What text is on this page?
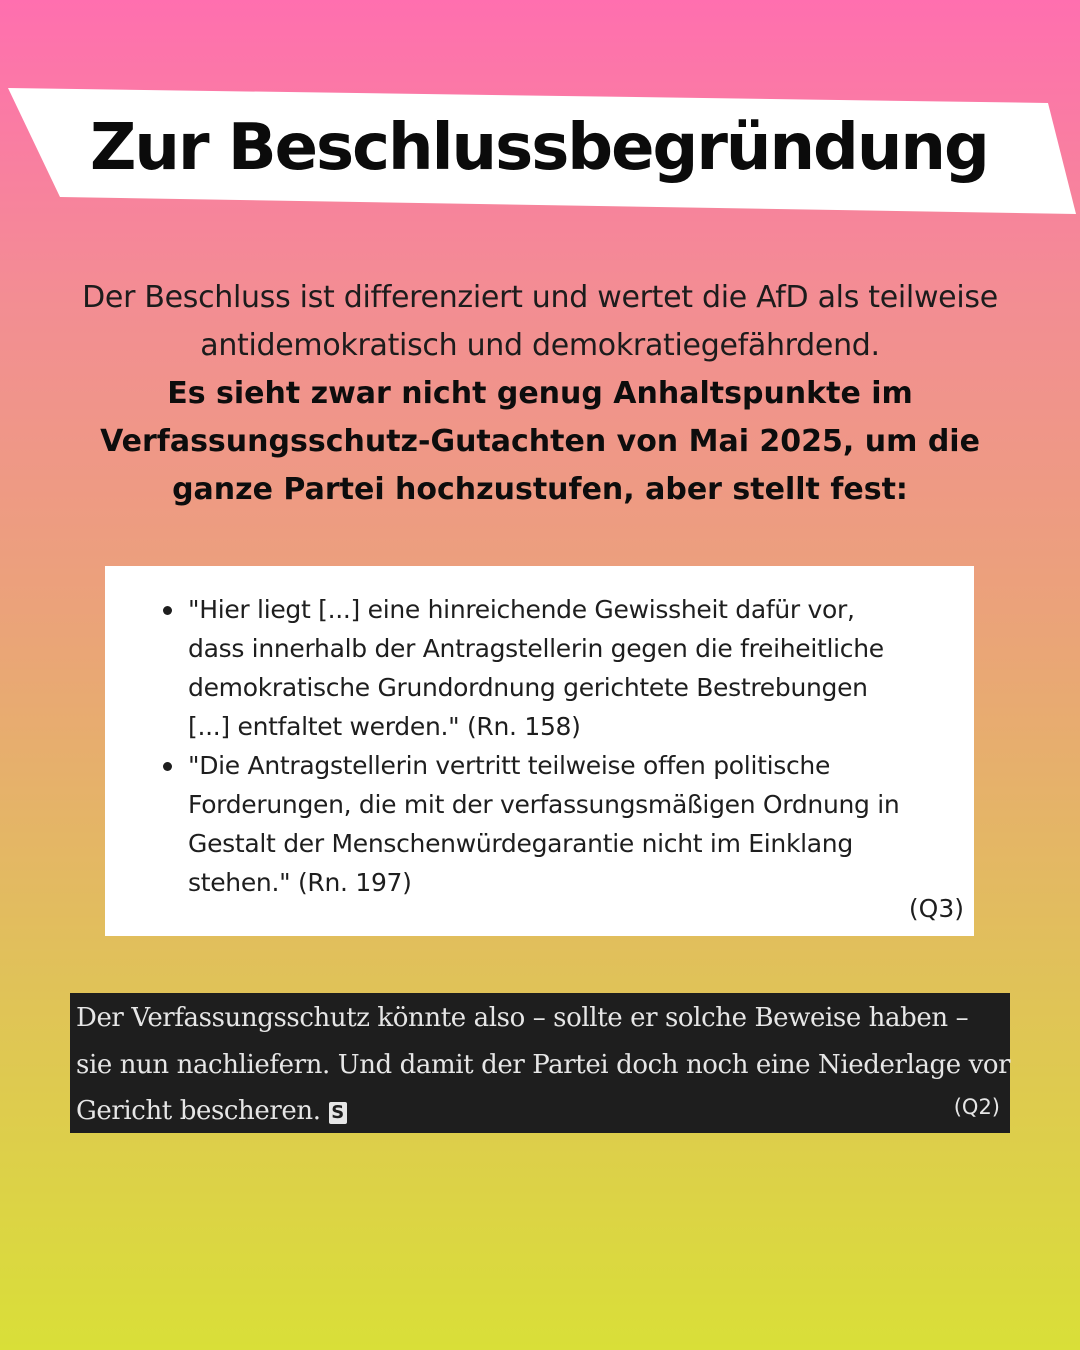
Zur Beschlussbegründung
Der Beschluss ist differenziert und wertet die AfD als teilweise antidemokratisch und demokratiegefährdend.
Es sieht zwar nicht genug Anhaltspunkte im Verfassungsschutz-Gutachten von Mai 2025, um die ganze Partei hochzustufen, aber stellt fest:
"Hier liegt [...] eine hinreichende Gewissheit dafür vor, dass innerhalb der Antragstellerin gegen die freiheitliche demokratische Grundordnung gerichtete Bestrebungen [...] entfaltet werden." (Rn. 158)
"Die Antragstellerin vertritt teilweise offen politische Forderungen, die mit der verfassungsmäßigen Ordnung in Gestalt der Menschenwürdegarantie nicht im Einklang stehen." (Rn. 197)
(Q3)
Der Verfassungsschutz könnte also – sollte er solche Beweise haben – sie nun nachliefern. Und damit der Partei doch noch eine Niederlage vor Gericht bescheren. S	(Q2)
